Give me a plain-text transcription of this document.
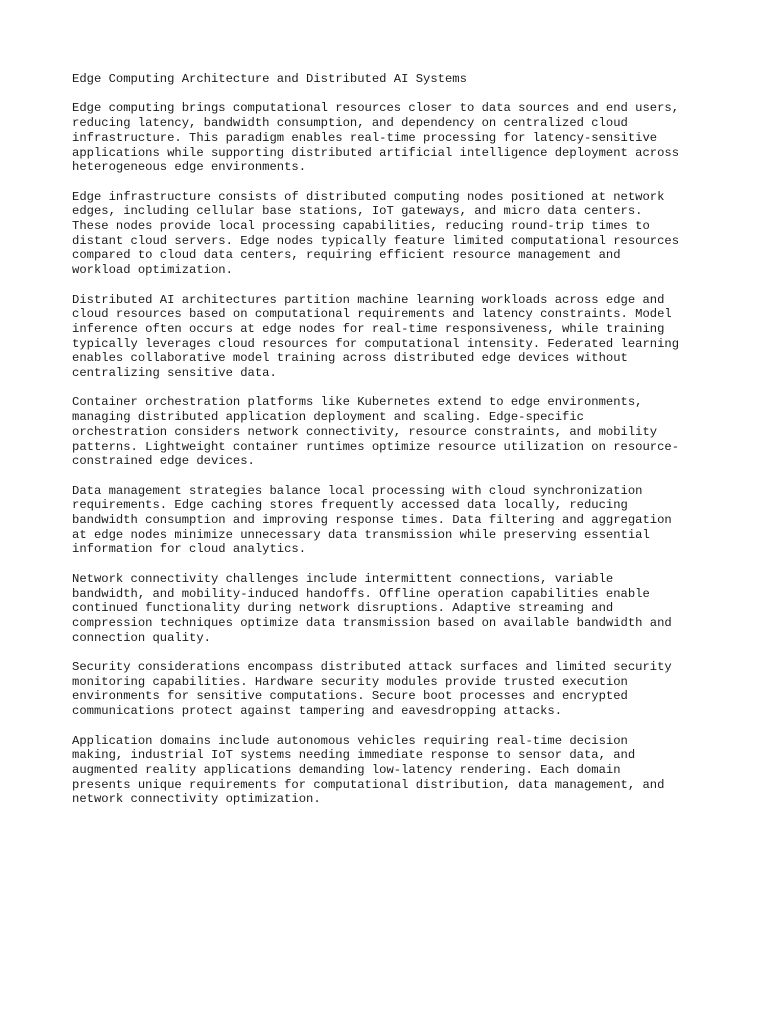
Edge Computing Architecture and Distributed AI Systems

Edge computing brings computational resources closer to data sources and end users,
reducing latency, bandwidth consumption, and dependency on centralized cloud
infrastructure. This paradigm enables real-time processing for latency-sensitive
applications while supporting distributed artificial intelligence deployment across
heterogeneous edge environments.

Edge infrastructure consists of distributed computing nodes positioned at network
edges, including cellular base stations, IoT gateways, and micro data centers.
These nodes provide local processing capabilities, reducing round-trip times to
distant cloud servers. Edge nodes typically feature limited computational resources
compared to cloud data centers, requiring efficient resource management and
workload optimization.

Distributed AI architectures partition machine learning workloads across edge and
cloud resources based on computational requirements and latency constraints. Model
inference often occurs at edge nodes for real-time responsiveness, while training
typically leverages cloud resources for computational intensity. Federated learning
enables collaborative model training across distributed edge devices without
centralizing sensitive data.

Container orchestration platforms like Kubernetes extend to edge environments,
managing distributed application deployment and scaling. Edge-specific
orchestration considers network connectivity, resource constraints, and mobility
patterns. Lightweight container runtimes optimize resource utilization on resource-
constrained edge devices.

Data management strategies balance local processing with cloud synchronization
requirements. Edge caching stores frequently accessed data locally, reducing
bandwidth consumption and improving response times. Data filtering and aggregation
at edge nodes minimize unnecessary data transmission while preserving essential
information for cloud analytics.

Network connectivity challenges include intermittent connections, variable
bandwidth, and mobility-induced handoffs. Offline operation capabilities enable
continued functionality during network disruptions. Adaptive streaming and
compression techniques optimize data transmission based on available bandwidth and
connection quality.

Security considerations encompass distributed attack surfaces and limited security
monitoring capabilities. Hardware security modules provide trusted execution
environments for sensitive computations. Secure boot processes and encrypted
communications protect against tampering and eavesdropping attacks.

Application domains include autonomous vehicles requiring real-time decision
making, industrial IoT systems needing immediate response to sensor data, and
augmented reality applications demanding low-latency rendering. Each domain
presents unique requirements for computational distribution, data management, and
network connectivity optimization.
